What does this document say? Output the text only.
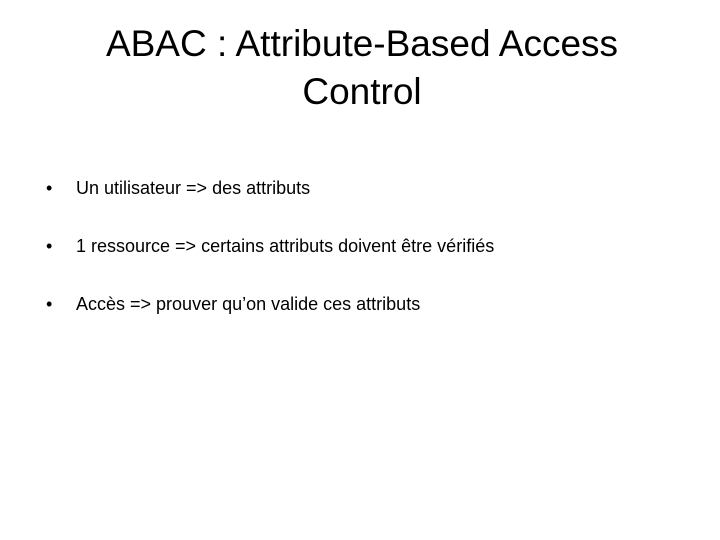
ABAC : Attribute-Based Access
Control
•	Un utilisateur => des attributs
•	1 ressource => certains attributs doivent être vérifiés
•	Accès => prouver qu’on valide ces attributs
